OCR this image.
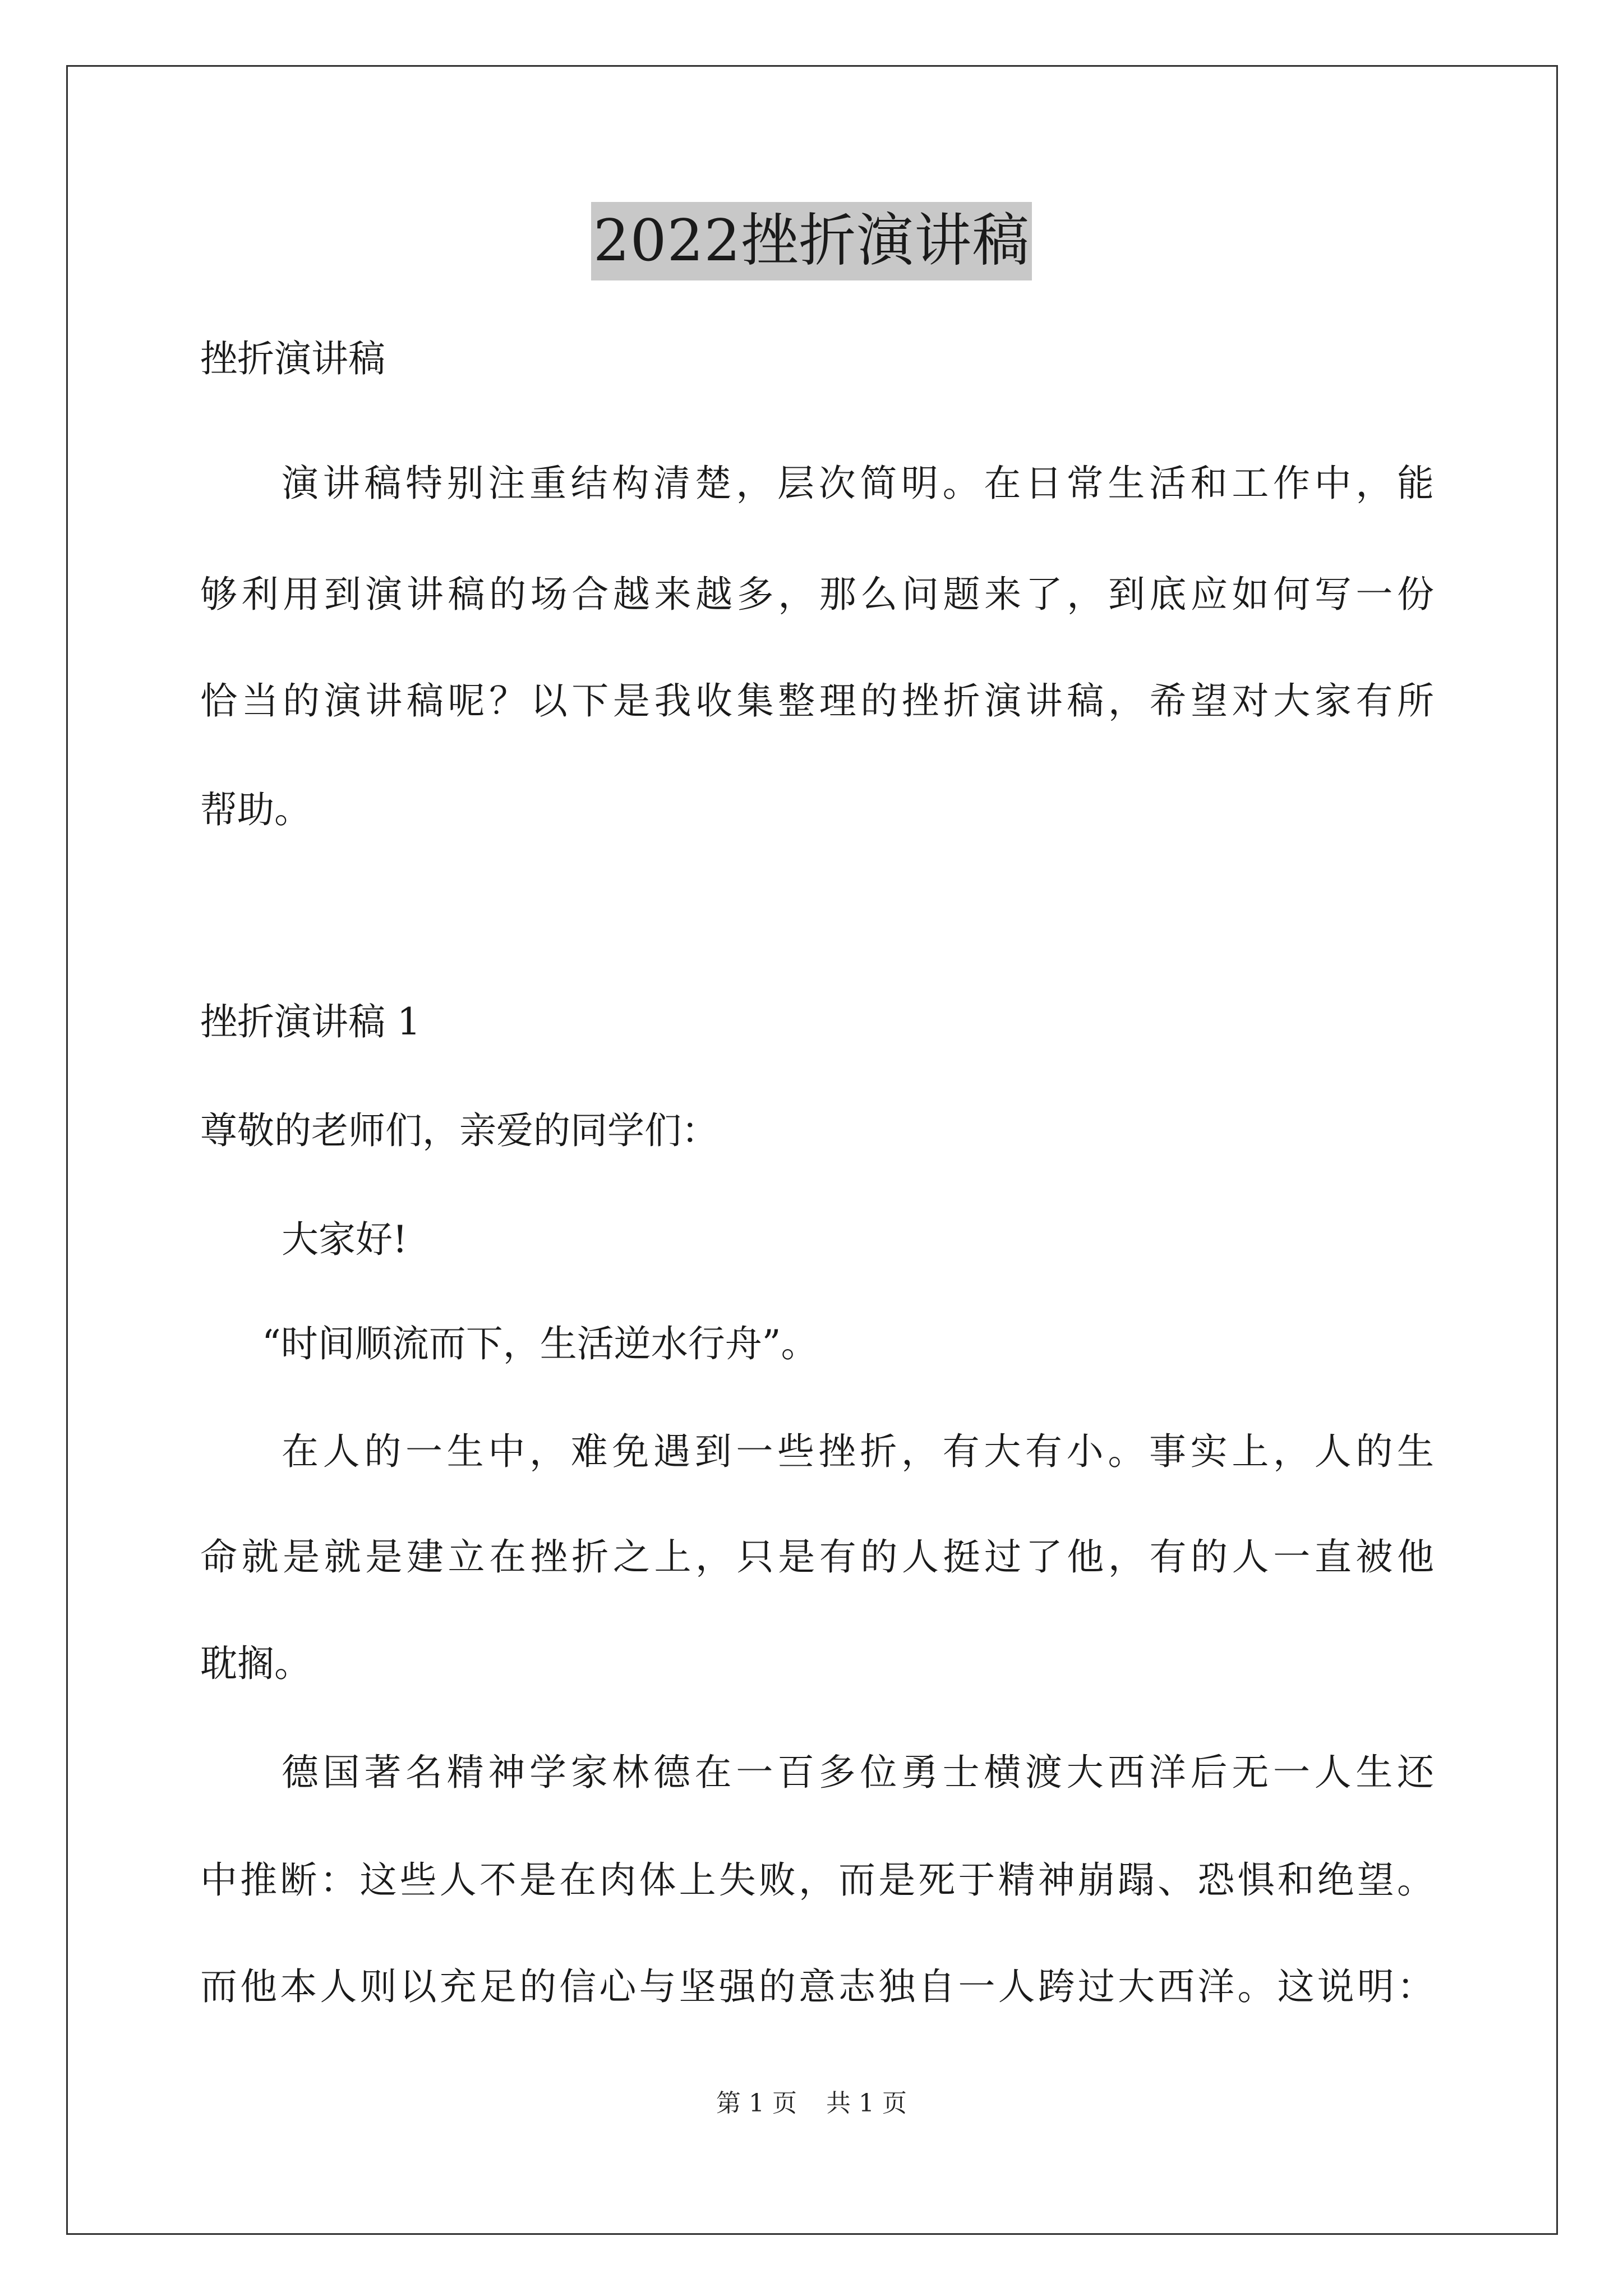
2022挫折演讲稿
挫折演讲稿
演讲稿特别注重结构清楚，层次简明。在日常生活和工作中，能
够利用到演讲稿的场合越来越多，那么问题来了，到底应如何写一份
恰当的演讲稿呢？以下是我收集整理的挫折演讲稿，希望对大家有所
帮助。
挫折演讲稿 1
尊敬的老师们，亲爱的同学们：
大家好!
“时间顺流而下，生活逆水行舟”。
在人的一生中，难免遇到一些挫折，有大有小。事实上，人的生
命就是就是建立在挫折之上，只是有的人挺过了他，有的人一直被他
耽搁。
德国著名精神学家林德在一百多位勇士横渡大西洋后无一人生还
中推断：这些人不是在肉体上失败，而是死于精神崩蹋、恐惧和绝望。
而他本人则以充足的信心与坚强的意志独自一人跨过大西洋。这说明：
第 1 页 共 1 页
